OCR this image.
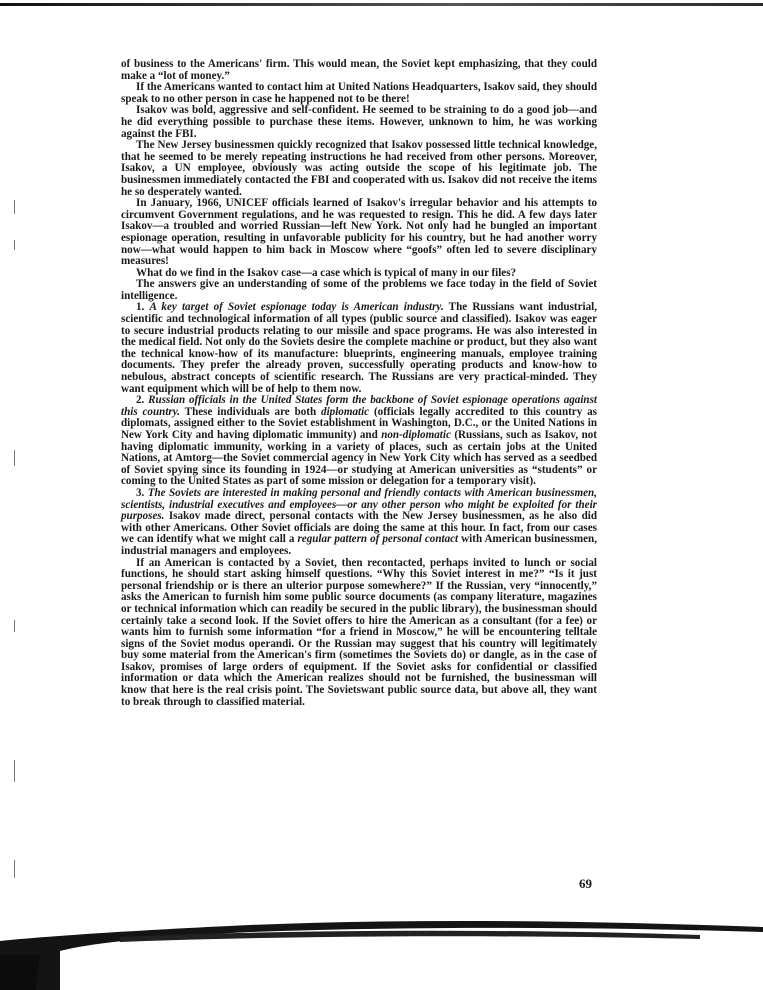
of business to the Americans' firm. This would mean, the Soviet kept emphasizing, that they could make a “lot of money.”

If the Americans wanted to contact him at United Nations Headquarters, Isakov said, they should speak to no other person in case he happened not to be there!

Isakov was bold, aggressive and self-confident. He seemed to be straining to do a good job—and he did everything possible to purchase these items. However, unknown to him, he was working against the FBI.

The New Jersey businessmen quickly recognized that Isakov possessed little technical knowledge, that he seemed to be merely repeating instructions he had received from other persons. Moreover, Isakov, a UN employee, obviously was acting outside the scope of his legitimate job. The businessmen immediately contacted the FBI and cooperated with us. Isakov did not receive the items he so desperately wanted.

In January, 1966, UNICEF officials learned of Isakov's irregular behavior and his attempts to circumvent Government regulations, and he was requested to resign. This he did. A few days later Isakov—a troubled and worried Russian—left New York. Not only had he bungled an important espionage operation, resulting in unfavorable publicity for his country, but he had another worry now—what would happen to him back in Moscow where “goofs” often led to severe disciplinary measures!

What do we find in the Isakov case—a case which is typical of many in our files?

The answers give an understanding of some of the problems we face today in the field of Soviet intelligence.

1. A key target of Soviet espionage today is American industry. The Russians want industrial, scientific and technological information of all types (public source and classified). Isakov was eager to secure industrial products relating to our missile and space programs. He was also interested in the medical field. Not only do the Soviets desire the complete machine or product, but they also want the technical know-how of its manufacture: blueprints, engineering manuals, employee training documents. They prefer the already proven, successfully operating products and know-how to nebulous, abstract concepts of scientific research. The Russians are very practical-minded. They want equipment which will be of help to them now.

2. Russian officials in the United States form the backbone of Soviet espionage operations against this country. These individuals are both diplomatic (officials legally accredited to this country as diplomats, assigned either to the Soviet establishment in Washington, D.C., or the United Nations in New York City and having diplomatic immunity) and non-diplomatic (Russians, such as Isakov, not having diplomatic immunity, working in a variety of places, such as certain jobs at the United Nations, at Amtorg—the Soviet commercial agency in New York City which has served as a seedbed of Soviet spying since its founding in 1924—or studying at American universities as “students” or coming to the United States as part of some mission or delegation for a temporary visit).

3. The Soviets are interested in making personal and friendly contacts with American businessmen, scientists, industrial executives and employees—or any other person who might be exploited for their purposes. Isakov made direct, personal contacts with the New Jersey businessmen, as he also did with other Americans. Other Soviet officials are doing the same at this hour. In fact, from our cases we can identify what we might call a regular pattern of personal contact with American businessmen, industrial managers and employees.

If an American is contacted by a Soviet, then recontacted, perhaps invited to lunch or social functions, he should start asking himself questions. “Why this Soviet interest in me?” “Is it just personal friendship or is there an ulterior purpose somewhere?” If the Russian, very “innocently,” asks the American to furnish him some public source documents (as company literature, magazines or technical information which can readily be secured in the public library), the businessman should certainly take a second look. If the Soviet offers to hire the American as a consultant (for a fee) or wants him to furnish some information “for a friend in Moscow,” he will be encountering telltale signs of the Soviet modus operandi. Or the Russian may suggest that his country will legitimately buy some material from the American's firm (sometimes the Soviets do) or dangle, as in the case of Isakov, promises of large orders of equipment. If the Soviet asks for confidential or classified information or data which the American realizes should not be furnished, the businessman will know that here is the real crisis point. The Sovietswant public source data, but above all, they want to break through to classified material.

69
